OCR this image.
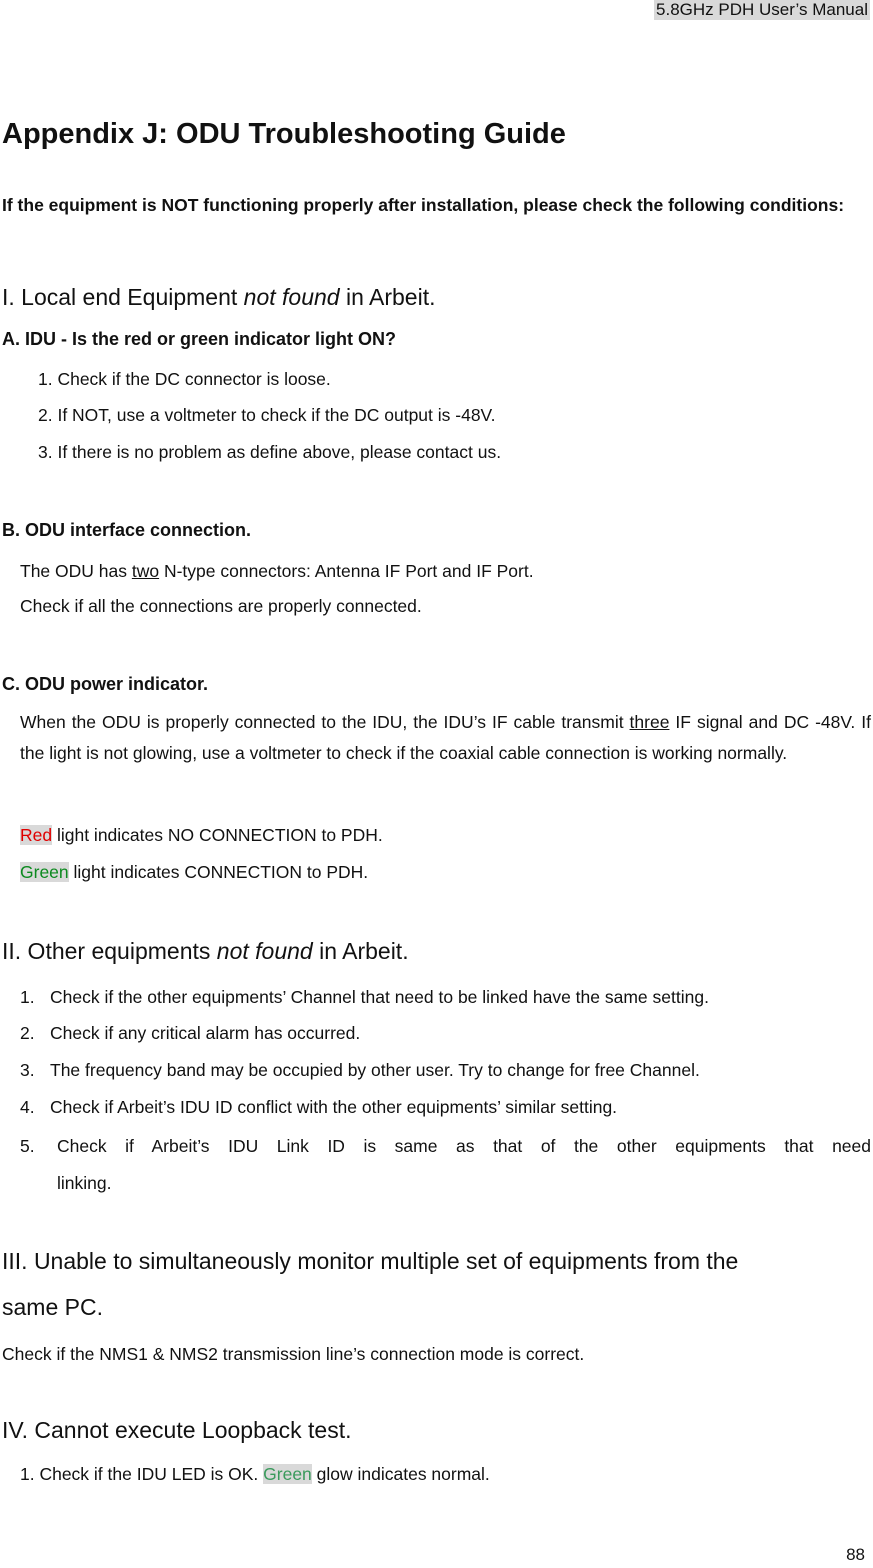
5.8GHz PDH User’s Manual
Appendix J: ODU Troubleshooting Guide
If the equipment is NOT functioning properly after installation, please check the following conditions:
I. Local end Equipment not found in Arbeit.
A. IDU - Is the red or green indicator light ON?
1. Check if the DC connector is loose.
2. If NOT, use a voltmeter to check if the DC output is -48V.
3. If there is no problem as define above, please contact us.
B. ODU interface connection.
The ODU has two N-type connectors: Antenna IF Port and IF Port.
Check if all the connections are properly connected.
C. ODU power indicator.
When the ODU is properly connected to the IDU, the IDU’s IF cable transmit three IF signal and DC -48V. If the light is not glowing, use a voltmeter to check if the coaxial cable connection is working normally.
Red light indicates NO CONNECTION to PDH.
Green light indicates CONNECTION to PDH.
II. Other equipments not found in Arbeit.
1. Check if the other equipments’ Channel that need to be linked have the same setting.
2. Check if any critical alarm has occurred.
3. The frequency band may be occupied by other user. Try to change for free Channel.
4. Check if Arbeit’s IDU ID conflict with the other equipments’ similar setting.
5. Check if Arbeit’s IDU Link ID is same as that of the other equipments that need
linking.
III. Unable to simultaneously monitor multiple set of equipments from the
same PC.
Check if the NMS1 & NMS2 transmission line’s connection mode is correct.
IV. Cannot execute Loopback test.
1. Check if the IDU LED is OK. Green glow indicates normal.
88
